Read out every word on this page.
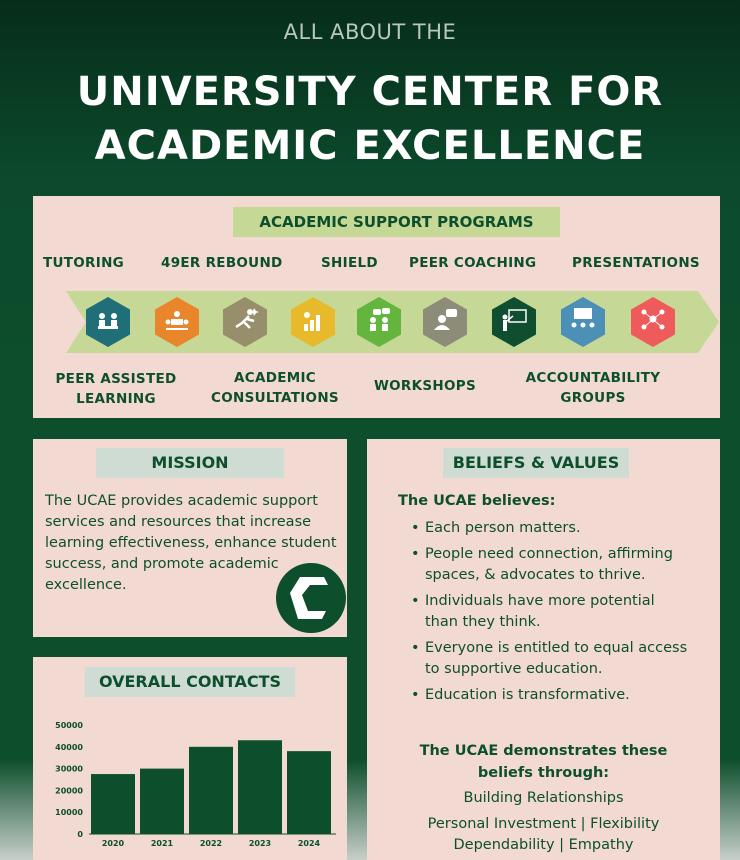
ALL ABOUT THE
UNIVERSITY CENTER FOR
ACADEMIC EXCELLENCE
ACADEMIC SUPPORT PROGRAMS
TUTORING	49ER REBOUND	SHIELD PEER COACHING	PRESENTATIONS
PEER ASSISTED
LEARNING
ACADEMIC
CONSULTATIONS
WORKSHOPS	ACCOUNTABILITY
GROUPS
MISSION
The UCAE provides academic support services and resources that increase learning effectiveness, enhance student success, and promote academic excellence.
OVERALL CONTACTS
0
10000
20000
30000
40000
50000
2020	2021	2022	2023	2024
BELIEFS & VALUES
The UCAE believes:
• Each person matters.
• People need connection, affirming spaces, & advocates to thrive.
• Individuals have more potential than they think.
• Everyone is entitled to equal access to supportive education.
• Education is transformative.
The UCAE demonstrates these
beliefs through:
Building Relationships
Personal Investment | Flexibility
Dependability | Empathy
